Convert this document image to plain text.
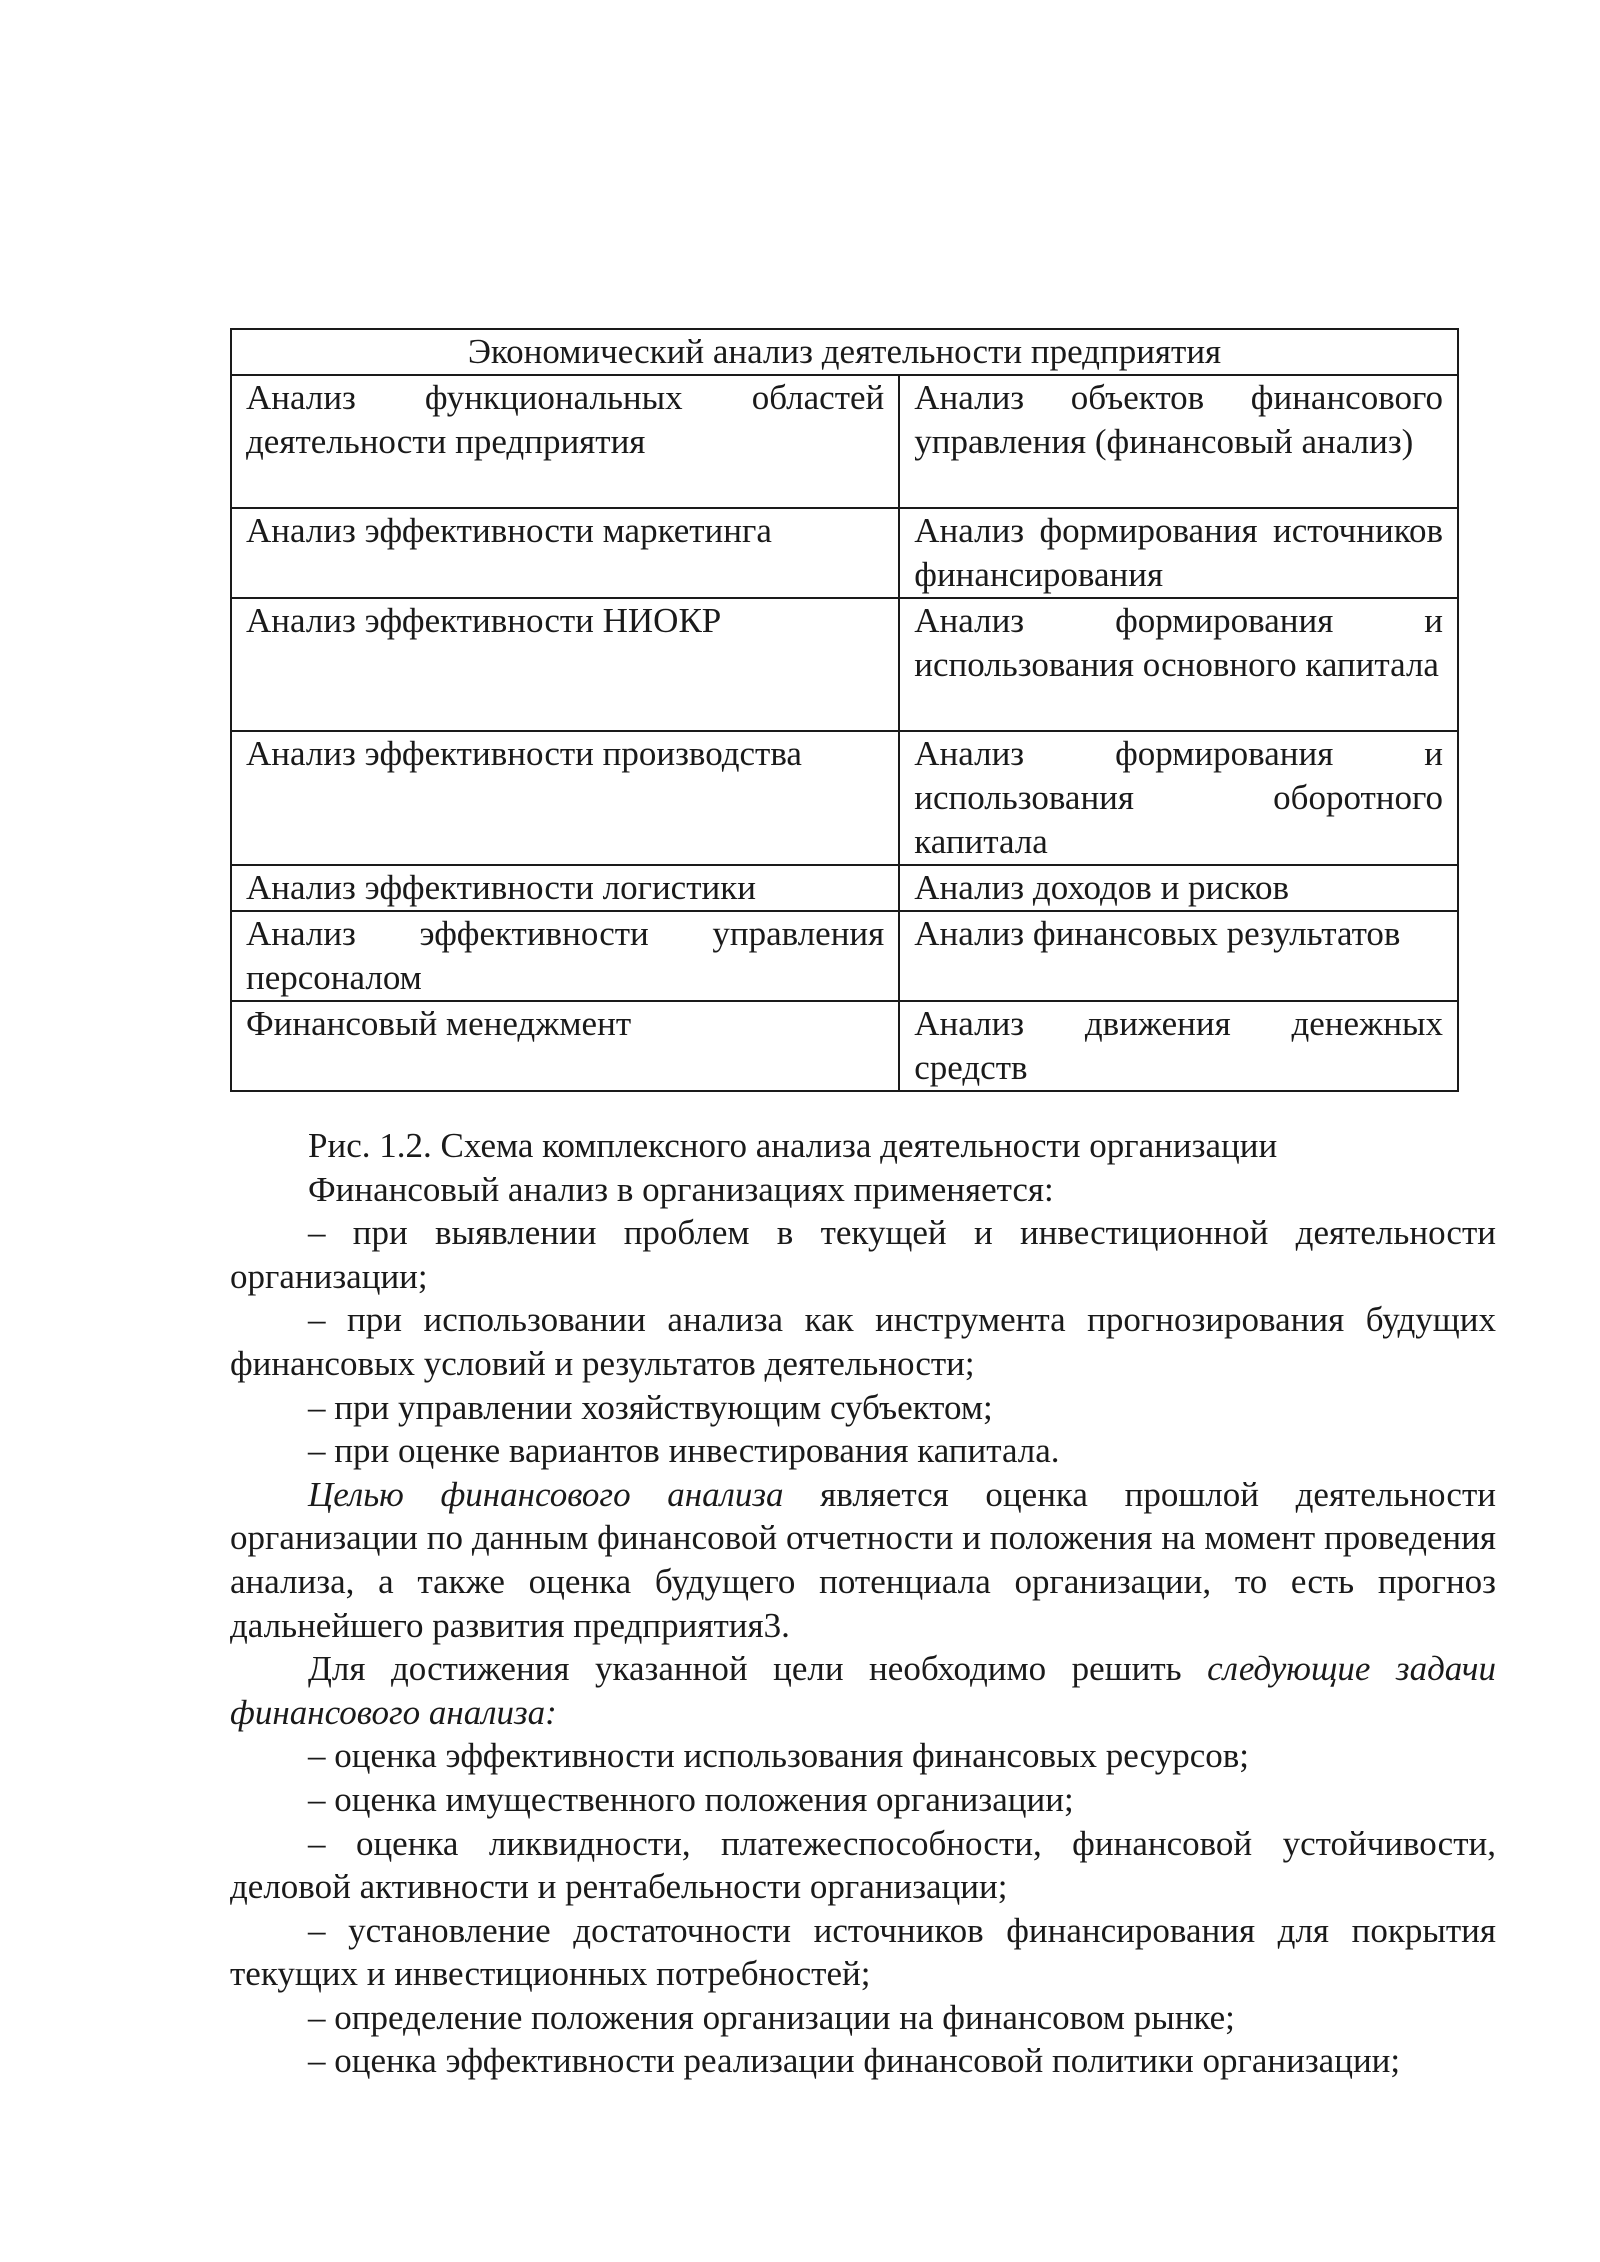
Экономический анализ деятельности предприятия	
Анализ функциональных областей деятельности предприятия	Анализ объектов финансового управления (финансовый анализ)
Анализ эффективности маркетинга	Анализ формирования источников финансирования
Анализ эффективности НИОКР	Анализ формирования и использования основного капитала
Анализ эффективности производства	Анализ формирования и использования оборотного капитала
Анализ эффективности логистики	Анализ доходов и рисков
Анализ эффективности управления персоналом	Анализ финансовых результатов
Финансовый менеджмент	Анализ движения денежных средств

Рис. 1.2. Схема комплексного анализа деятельности организации

Финансовый анализ в организациях применяется:

– при выявлении проблем в текущей и инвестиционной деятельности организации;

– при использовании анализа как инструмента прогнозирования будущих финансовых условий и результатов деятельности;

– при управлении хозяйствующим субъектом;

– при оценке вариантов инвестирования капитала.

Целью финансового анализа является оценка прошлой деятельности организации по данным финансовой отчетности и положения на момент проведения анализа, а также оценка будущего потенциала организации, то есть прогноз дальнейшего развития предприятия3.

Для достижения указанной цели необходимо решить следующие задачи финансового анализа:

– оценка эффективности использования финансовых ресурсов;

– оценка имущественного положения организации;

– оценка ликвидности, платежеспособности, финансовой устойчивости, деловой активности и рентабельности организации;

– установление достаточности источников финансирования для покрытия текущих и инвестиционных потребностей;

– определение положения организации на финансовом рынке;

– оценка эффективности реализации финансовой политики организации;
